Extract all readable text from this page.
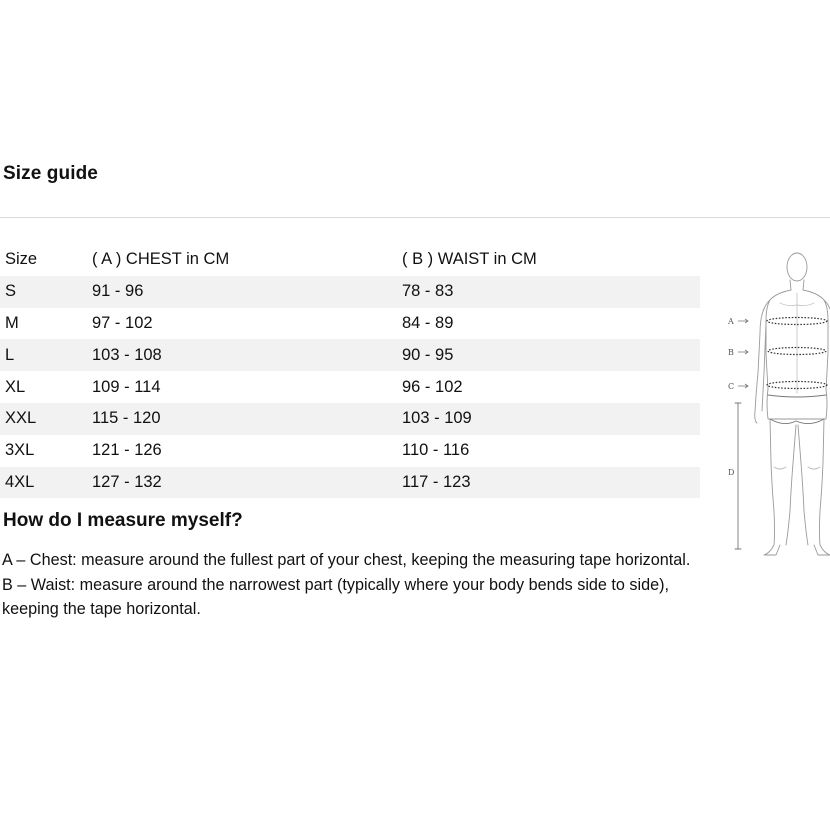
Size guide
Size	( A ) CHEST in CM	( B ) WAIST in CM
S	91 - 96	78 - 83
M	97 - 102	84 - 89
L	103 - 108	90 - 95
XL	109 - 114	96 - 102
XXL	115 - 120	103 - 109
3XL	121 - 126	110 - 116
4XL	127 - 132	117 - 123
How do I measure myself?

A – Chest: measure around the fullest part of your chest, keeping the measuring tape horizontal.

B – Waist: measure around the narrowest part (typically where your body bends side to side), keeping the tape horizontal.

A
B
C
D
